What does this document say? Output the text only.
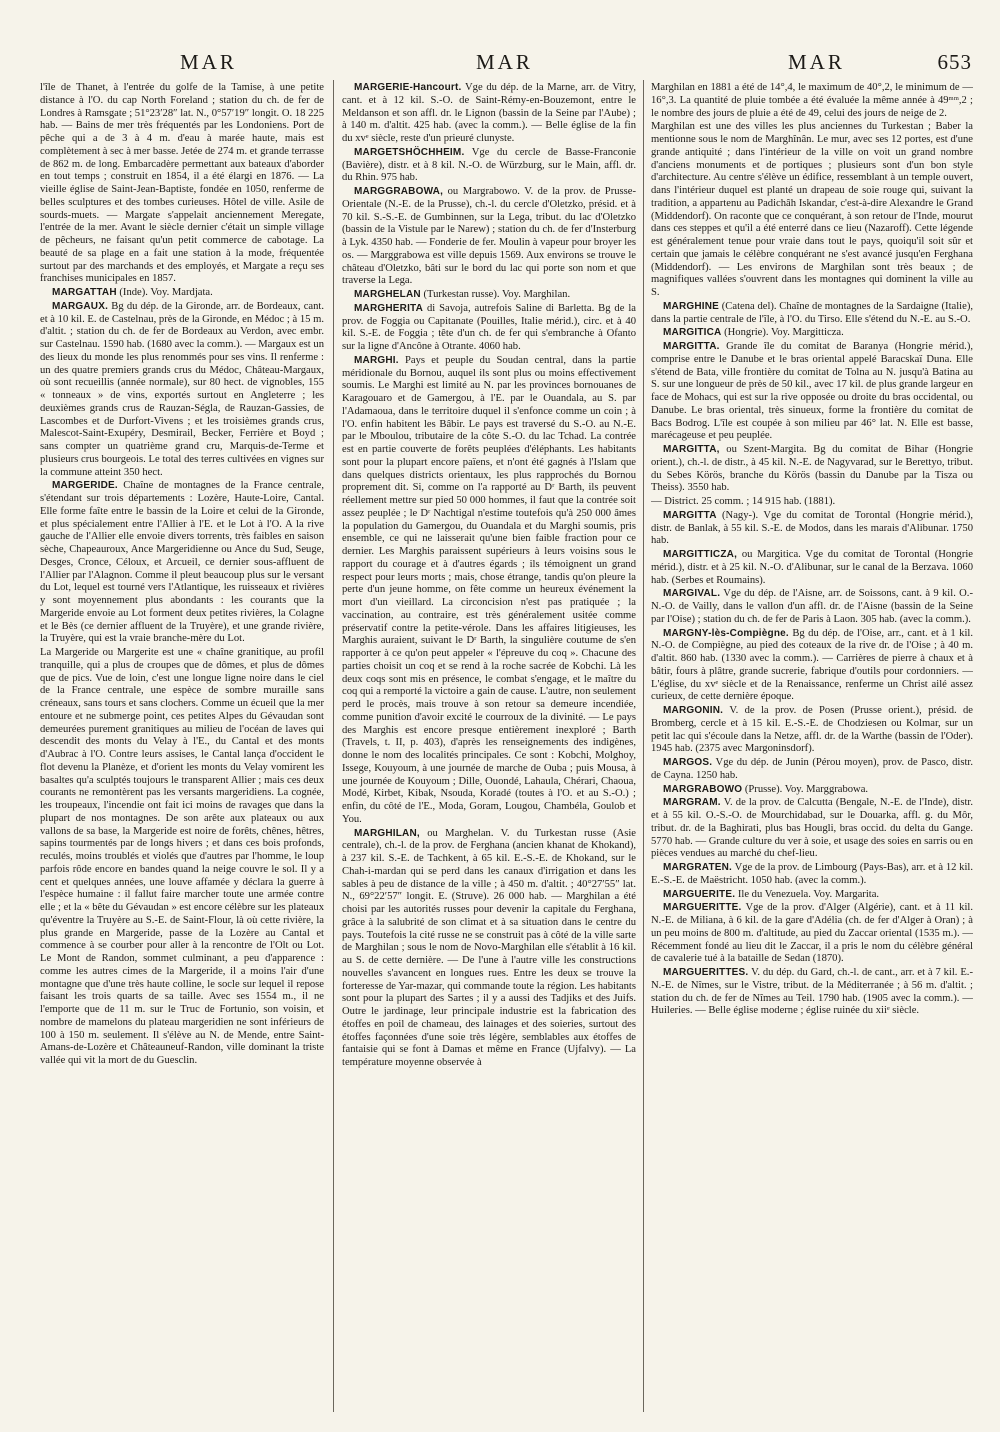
MAR	MAR	MAR	653

l'île de Thanet, à l'entrée du golfe de la Tamise, à une petite distance à l'O. du cap North Foreland ; station du ch. de fer de Londres à Ramsgate ; 51°23′28″ lat. N., 0°57′19″ longit. O. 18 225 hab. — Bains de mer très fréquentés par les Londoniens. Port de pêche qui a de 3 à 4 m. d'eau à marée haute, mais est complètement à sec à mer basse. Jetée de 274 m. et grande terrasse de 862 m. de long. Embarcadère permettant aux bateaux d'aborder en tout temps ; construit en 1854, il a été élargi en 1876. — La vieille église de Saint-Jean-Baptiste, fondée en 1050, renferme de belles sculptures et des tombes curieuses. Hôtel de ville. Asile de sourds-muets. — Margate s'appelait anciennement Meregate, l'entrée de la mer. Avant le siècle dernier c'était un simple village de pêcheurs, ne faisant qu'un petit commerce de cabotage. La beauté de sa plage en a fait une station à la mode, fréquentée surtout par des marchands et des employés, et Margate a reçu ses franchises municipales en 1857.

MARGATTAH (Inde). Voy. Mardjata.

MARGAUX. Bg du dép. de la Gironde, arr. de Bordeaux, cant. et à 10 kil. E. de Castelnau, près de la Gironde, en Médoc ; à 15 m. d'altit. ; station du ch. de fer de Bordeaux au Verdon, avec embr. sur Castelnau. 1590 hab. (1680 avec la comm.). — Margaux est un des lieux du monde les plus renommés pour ses vins. Il renferme : un des quatre premiers grands crus du Médoc, Château-Margaux, où sont recueillis (année normale), sur 80 hect. de vignobles, 155 « tonneaux » de vins, exportés surtout en Angleterre ; les deuxièmes grands crus de Rauzan-Ségla, de Rauzan-Gassies, de Lascombes et de Durfort-Vivens ; et les troisièmes grands crus, Malescot-Saint-Exupéry, Desmirail, Becker, Ferrière et Boyd ; sans compter un quatrième grand cru, Marquis-de-Terme et plusieurs crus bourgeois. Le total des terres cultivées en vignes sur la commune atteint 350 hect.

MARGERIDE. Chaîne de montagnes de la France centrale, s'étendant sur trois départements : Lozère, Haute-Loire, Cantal. Elle forme faîte entre le bassin de la Loire et celui de la Gironde, et plus spécialement entre l'Allier à l'E. et le Lot à l'O. A la rive gauche de l'Allier elle envoie divers torrents, très faibles en saison sèche, Chapeauroux, Ance Margeridienne ou Ance du Sud, Seuge, Desges, Cronce, Céloux, et Arcueil, ce dernier sous-affluent de l'Allier par l'Alagnon. Comme il pleut beaucoup plus sur le versant du Lot, lequel est tourné vers l'Atlantique, les ruisseaux et rivières y sont moyennement plus abondants : les courants que la Margeride envoie au Lot forment deux petites rivières, la Colagne et le Bès (ce dernier affluent de la Truyère), et une grande rivière, la Truyère, qui est la vraie branche-mère du Lot.

La Margeride ou Margerite est une « chaîne granitique, au profil tranquille, qui a plus de croupes que de dômes, et plus de dômes que de pics. Vue de loin, c'est une longue ligne noire dans le ciel de la France centrale, une espèce de sombre muraille sans créneaux, sans tours et sans clochers. Comme un écueil que la mer entoure et ne submerge point, ces petites Alpes du Gévaudan sont demeurées purement granitiques au milieu de l'océan de laves qui descendit des monts du Velay à l'E., du Cantal et des monts d'Aubrac à l'O. Contre leurs assises, le Cantal lança d'occident le flot devenu la Planèze, et d'orient les monts du Velay vomirent les basaltes qu'a sculptés toujours le transparent Allier ; mais ces deux courants ne remontèrent pas les versants margeridiens. La cognée, les troupeaux, l'incendie ont fait ici moins de ravages que dans la plupart de nos montagnes. De son arête aux plateaux ou aux vallons de sa base, la Margeride est noire de forêts, chênes, hêtres, sapins tourmentés par de longs hivers ; et dans ces bois profonds, reculés, moins troublés et violés que d'autres par l'homme, le loup parfois rôde encore en bandes quand la neige couvre le sol. Il y a cent et quelques années, une louve affamée y déclara la guerre à l'espèce humaine : il fallut faire marcher toute une armée contre elle ; et la « bête du Gévaudan » est encore célèbre sur les plateaux qu'éventre la Truyère au S.-E. de Saint-Flour, là où cette rivière, la plus grande en Margeride, passe de la Lozère au Cantal et commence à se courber pour aller à la rencontre de l'Olt ou Lot. Le Mont de Randon, sommet culminant, a peu d'apparence : comme les autres cimes de la Margeride, il a moins l'air d'une montagne que d'une très haute colline, le socle sur lequel il repose faisant les trois quarts de sa taille. Avec ses 1554 m., il ne l'emporte que de 11 m. sur le Truc de Fortunio, son voisin, et nombre de mamelons du plateau margeridien ne sont inférieurs de 100 à 150 m. seulement. Il s'élève au N. de Mende, entre Saint-Amans-de-Lozère et Châteauneuf-Randon, ville dominant la triste vallée qui vit la mort de du Guesclin.

MARGERIE-Hancourt. Vge du dép. de la Marne, arr. de Vitry, cant. et à 12 kil. S.-O. de Saint-Rémy-en-Bouzemont, entre le Meldanson et son affl. dr. le Lignon (bassin de la Seine par l'Aube) ; à 140 m. d'altit. 425 hab. (avec la comm.). — Belle église de la fin du xvᵉ siècle, reste d'un prieuré clunyste.

MARGETSHÖCHHEIM. Vge du cercle de Basse-Franconie (Bavière), distr. et à 8 kil. N.-O. de Würzburg, sur le Main, affl. dr. du Rhin. 975 hab.

MARGGRABOWA, ou Margrabowo. V. de la prov. de Prusse-Orientale (N.-E. de la Prusse), ch.-l. du cercle d'Oletzko, présid. et à 70 kil. S.-S.-E. de Gumbinnen, sur la Lega, tribut. du lac d'Oletzko (bassin de la Vistule par le Narew) ; station du ch. de fer d'Insterburg à Lyk. 4350 hab. — Fonderie de fer. Moulin à vapeur pour broyer les os. — Marggrabowa est ville depuis 1569. Aux environs se trouve le château d'Oletzko, bâti sur le bord du lac qui porte son nom et que traverse la Lega.

MARGHELAN (Turkestan russe). Voy. Marghilan.

MARGHERITA di Savoja, autrefois Saline di Barletta. Bg de la prov. de Foggia ou Capitanate (Pouilles, Italie mérid.), circ. et à 40 kil. S.-E. de Foggia ; tête d'un ch. de fer qui s'embranche à Ofanto sur la ligne d'Ancône à Otrante. 4060 hab.

MARGHI. Pays et peuple du Soudan central, dans la partie méridionale du Bornou, auquel ils sont plus ou moins effectivement soumis. Le Marghi est limité au N. par les provinces bornouanes de Karagouaro et de Gamergou, à l'E. par le Ouandala, au S. par l'Adamaoua, dans le territoire duquel il s'enfonce comme un coin ; à l'O. enfin habitent les Bâbir. Le pays est traversé du S.-O. au N.-E. par le Mboulou, tributaire de la côte S.-O. du lac Tchad. La contrée est en partie couverte de forêts peuplées d'éléphants. Les habitants sont pour la plupart encore païens, et n'ont été gagnés à l'Islam que dans quelques districts orientaux, les plus rapprochés du Bornou proprement dit. Si, comme on l'a rapporté au Dʳ Barth, ils peuvent réellement mettre sur pied 50 000 hommes, il faut que la contrée soit assez peuplée ; le Dʳ Nachtigal n'estime toutefois qu'à 250 000 âmes la population du Gamergou, du Ouandala et du Marghi soumis, pris ensemble, ce qui ne laisserait qu'une bien faible fraction pour ce dernier. Les Marghis paraissent supérieurs à leurs voisins sous le rapport du courage et à d'autres égards ; ils témoignent un grand respect pour leurs morts ; mais, chose étrange, tandis qu'on pleure la perte d'un jeune homme, on fête comme un heureux événement la mort d'un vieillard. La circoncision n'est pas pratiquée ; la vaccination, au contraire, est très généralement usitée comme préservatif contre la petite-vérole. Dans les affaires litigieuses, les Marghis auraient, suivant le Dʳ Barth, la singulière coutume de s'en rapporter à ce qu'on peut appeler « l'épreuve du coq ». Chacune des parties choisit un coq et se rend à la roche sacrée de Kobchi. Là les deux coqs sont mis en présence, le combat s'engage, et le maître du coq qui a remporté la victoire a gain de cause. L'autre, non seulement perd le procès, mais trouve à son retour sa demeure incendiée, comme punition d'avoir excité le courroux de la divinité. — Le pays des Marghis est encore presque entièrement inexploré ; Barth (Travels, t. II, p. 403), d'après les renseignements des indigènes, donne le nom des localités principales. Ce sont : Kobchi, Molghoy, Issege, Kouyoum, à une journée de marche de Ouba ; puis Mousa, à une journée de Kouyoum ; Dille, Ouondé, Lahaula, Chérari, Chaoua, Modé, Kirbet, Kibak, Nsouda, Koradé (toutes à l'O. et au S.-O.) ; enfin, du côté de l'E., Moda, Goram, Lougou, Chambéla, Goulob et You.

MARGHILAN, ou Marghelan. V. du Turkestan russe (Asie centrale), ch.-l. de la prov. de Ferghana (ancien khanat de Khokand), à 237 kil. S.-E. de Tachkent, à 65 kil. E.-S.-E. de Khokand, sur le Chah-i-mardan qui se perd dans les canaux d'irrigation et dans les sables à peu de distance de la ville ; à 450 m. d'altit. ; 40°27′55″ lat. N., 69°22′57″ longit. E. (Struve). 26 000 hab. — Marghilan a été choisi par les autorités russes pour devenir la capitale du Ferghana, grâce à la salubrité de son climat et à sa situation dans le centre du pays. Toutefois la cité russe ne se construit pas à côté de la ville sarte de Marghilan ; sous le nom de Novo-Marghilan elle s'établit à 16 kil. au S. de cette dernière. — De l'une à l'autre ville les constructions nouvelles s'avancent en longues rues. Entre les deux se trouve la forteresse de Yar-mazar, qui commande toute la région. Les habitants sont pour la plupart des Sartes ; il y a aussi des Tadjiks et des Juifs. Outre le jardinage, leur principale industrie est la fabrication des étoffes en poil de chameau, des lainages et des soieries, surtout des étoffes façonnées d'une soie très légère, semblables aux étoffes de fantaisie qui se font à Damas et même en France (Ujfalvy). — La température moyenne observée à

Marghilan en 1881 a été de 14°,4, le maximum de 40°,2, le minimum de — 16°,3. La quantité de pluie tombée a été évaluée la même année à 49ᵐᵐ,2 ; le nombre des jours de pluie a été de 49, celui des jours de neige de 2.

Marghilan est une des villes les plus anciennes du Turkestan ; Baber la mentionne sous le nom de Marghînân. Le mur, avec ses 12 portes, est d'une grande antiquité ; dans l'intérieur de la ville on voit un grand nombre d'anciens monuments et de portiques ; plusieurs sont d'un bon style d'architecture. Au centre s'élève un édifice, ressemblant à un temple ouvert, dans l'intérieur duquel est planté un drapeau de soie rouge qui, suivant la tradition, a appartenu au Padichâh Iskandar, c'est-à-dire Alexandre le Grand (Middendorf). On raconte que ce conquérant, à son retour de l'Inde, mourut dans ces steppes et qu'il a été enterré dans ce lieu (Nazaroff). Cette légende est généralement tenue pour vraie dans tout le pays, quoiqu'il soit sûr et certain que jamais le célèbre conquérant ne s'est avancé jusqu'en Ferghana (Middendorf). — Les environs de Marghilan sont très beaux ; de magnifiques vallées s'ouvrent dans les montagnes qui dominent la ville au S.

MARGHINE (Catena del). Chaîne de montagnes de la Sardaigne (Italie), dans la partie centrale de l'île, à l'O. du Tirso. Elle s'étend du N.-E. au S.-O.

MARGITICA (Hongrie). Voy. Margitticza.

MARGITTA. Grande île du comitat de Baranya (Hongrie mérid.), comprise entre le Danube et le bras oriental appelé Baracskaï Duna. Elle s'étend de Bata, ville frontière du comitat de Tolna au N. jusqu'à Batina au S. sur une longueur de près de 50 kil., avec 17 kil. de plus grande largeur en face de Mohacs, qui est sur la rive opposée ou droite du bras occidental, ou Danube. Le bras oriental, très sinueux, forme la frontière du comitat de Bacs Bodrog. L'île est coupée à son milieu par 46° lat. N. Elle est basse, marécageuse et peu peuplée.

MARGITTA, ou Szent-Margita. Bg du comitat de Bihar (Hongrie orient.), ch.-l. de distr., à 45 kil. N.-E. de Nagyvarad, sur le Berettyo, tribut. du Sebes Körös, branche du Körös (bassin du Danube par la Tisza ou Theiss). 3550 hab.

— District. 25 comm. ; 14 915 hab. (1881).

MARGITTA (Nagy-). Vge du comitat de Torontal (Hongrie mérid.), distr. de Banlak, à 55 kil. S.-E. de Modos, dans les marais d'Alibunar. 1750 hab.

MARGITTICZA, ou Margitica. Vge du comitat de Torontal (Hongrie mérid.), distr. et à 25 kil. N.-O. d'Alibunar, sur le canal de la Berzava. 1060 hab. (Serbes et Roumains).

MARGIVAL. Vge du dép. de l'Aisne, arr. de Soissons, cant. à 9 kil. O.-N.-O. de Vailly, dans le vallon d'un affl. dr. de l'Aisne (bassin de la Seine par l'Oise) ; station du ch. de fer de Paris à Laon. 305 hab. (avec la comm.).

MARGNY-lès-Compiègne. Bg du dép. de l'Oise, arr., cant. et à 1 kil. N.-O. de Compiègne, au pied des coteaux de la rive dr. de l'Oise ; à 40 m. d'altit. 860 hab. (1330 avec la comm.). — Carrières de pierre à chaux et à bâtir, fours à plâtre, grande sucrerie, fabrique d'outils pour cordonniers. — L'église, du xvᵉ siècle et de la Renaissance, renferme un Christ ailé assez curieux, de cette dernière époque.

MARGONIN. V. de la prov. de Posen (Prusse orient.), présid. de Bromberg, cercle et à 15 kil. E.-S.-E. de Chodziesen ou Kolmar, sur un petit lac qui s'écoule dans la Netze, affl. dr. de la Warthe (bassin de l'Oder). 1945 hab. (2375 avec Margoninsdorf).

MARGOS. Vge du dép. de Junin (Pérou moyen), prov. de Pasco, distr. de Cayna. 1250 hab.

MARGRABOWO (Prusse). Voy. Marggrabowa.

MARGRAM. V. de la prov. de Calcutta (Bengale, N.-E. de l'Inde), distr. et à 55 kil. O.-S.-O. de Mourchidabad, sur le Douarka, affl. g. du Môr, tribut. dr. de la Baghirati, plus bas Hougli, bras occid. du delta du Gange. 5770 hab. — Grande culture du ver à soie, et usage des soies en sarris ou en pièces vendues au marché du chef-lieu.

MARGRATEN. Vge de la prov. de Limbourg (Pays-Bas), arr. et à 12 kil. E.-S.-E. de Maëstricht. 1050 hab. (avec la comm.).

MARGUERITE. Ile du Venezuela. Voy. Margarita.

MARGUERITTE. Vge de la prov. d'Alger (Algérie), cant. et à 11 kil. N.-E. de Miliana, à 6 kil. de la gare d'Adélia (ch. de fer d'Alger à Oran) ; à un peu moins de 800 m. d'altitude, au pied du Zaccar oriental (1535 m.). — Récemment fondé au lieu dit le Zaccar, il a pris le nom du célèbre général de cavalerie tué à la bataille de Sedan (1870).

MARGUERITTES. V. du dép. du Gard, ch.-l. de cant., arr. et à 7 kil. E.-N.-E. de Nîmes, sur le Vistre, tribut. de la Méditerranée ; à 56 m. d'altit. ; station du ch. de fer de Nîmes au Teil. 1790 hab. (1905 avec la comm.). — Huileries. — Belle église moderne ; église ruinée du xiiᵉ siècle.
